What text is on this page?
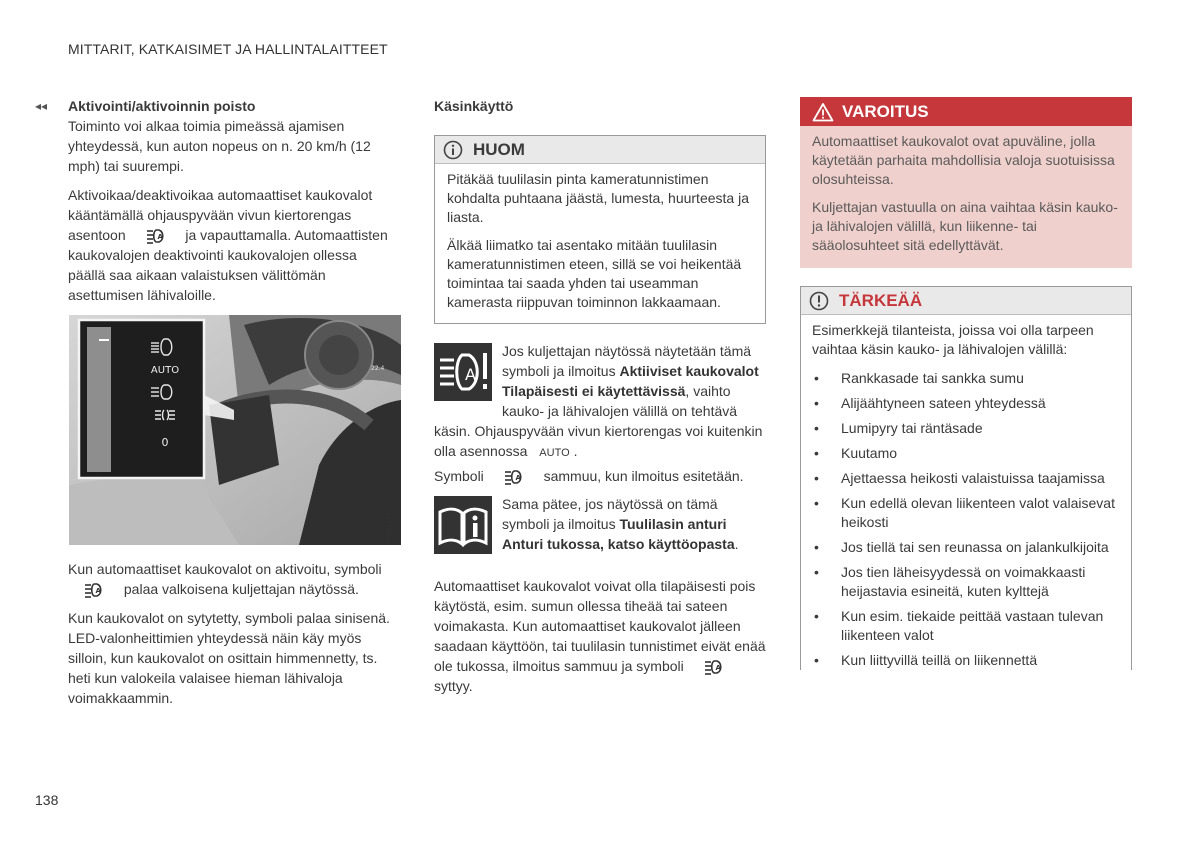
MITTARIT, KATKAISIMET JA HALLINTALAITTEET
◂◂	Aktivointi/aktivoinnin poisto

Toiminto voi alkaa toimia pimeässä ajamisen yhteydessä, kun auton nopeus on n. 20 km/h (12 mph) tai suurempi.

Aktivoikaa/deaktivoikaa automaattiset kaukovalot kääntämällä ohjauspyvään vivun kiertorengas asentoon	A ja vapauttamalla. Automaattisten kaukovalojen deaktivointi kaukovalojen ollessa päällä saa aikaan valaistuksen välittömän asettumisen lähivaloille.

AUTO
0
22.4
G066571

Kun automaattiset kaukovalot on aktivoitu, symboli
A palaa valkoisena kuljettajan näytössä.

Kun kaukovalot on sytytetty, symboli palaa sinisenä. LED-valonheittimien yhteydessä näin käy myös silloin, kun kaukovalot on osittain himmennetty, ts. heti kun valokeila valaisee hieman lähivaloja voimakkaammin.

Käsinkäyttö
HUOM

Pitäkää tuulilasin pinta kameratunnistimen kohdalta puhtaana jäästä, lumesta, huurteesta ja liasta.

Älkää liimatko tai asentako mitään tuulilasin kameratunnistimen eteen, sillä se voi heikentää toimintaa tai saada yhden tai useamman kamerasta riippuvan toiminnon lakkaamaan.

A
Jos kuljettajan näytössä näytetään tämä symboli ja ilmoitus Aktiiviset kaukovalot Tilapäisesti ei käytettävissä, vaihto kauko- ja lähivalojen välillä on tehtävä käsin. Ohjauspyvään vivun kiertorengas voi kuitenkin olla asennossa AUTO .
Symboli	A sammuu, kun ilmoitus esitetään.
Sama pätee, jos näytössä on tämä symboli ja ilmoitus Tuulilasin anturi Anturi tukossa, katso käyttöopasta.

Automaattiset kaukovalot voivat olla tilapäisesti pois käytöstä, esim. sumun ollessa tiheää tai sateen voimakasta. Kun automaattiset kaukovalot jälleen saadaan käyttöön, tai tuulilasin tunnistimet eivät enää ole tukossa, ilmoitus sammuu ja symboli	A
syttyy.

VAROITUS

Automaattiset kaukovalot ovat apuväline, jolla käytetään parhaita mahdollisia valoja suotuisissa olosuhteissa.

Kuljettajan vastuulla on aina vaihtaa käsin kauko- ja lähivalojen välillä, kun liikenne- tai sääolosuhteet sitä edellyttävät.

TÄRKEÄÄ
Esimerkkejä tilanteista, joissa voi olla tarpeen vaihtaa käsin kauko- ja lähivalojen välillä:
• Rankkasade tai sankka sumu
• Alijäähtyneen sateen yhteydessä
• Lumipyry tai räntäsade
• Kuutamo
• Ajettaessa heikosti valaistuissa taajamissa
• Kun edellä olevan liikenteen valot valaisevat heikosti
• Jos tiellä tai sen reunassa on jalankulkijoita
• Jos tien läheisyydessä on voimakkaasti heijastavia esineitä, kuten kylttejä
• Kun esim. tiekaide peittää vastaan tulevan liikenteen valot
• Kun liittyvillä teillä on liikennettä
138
